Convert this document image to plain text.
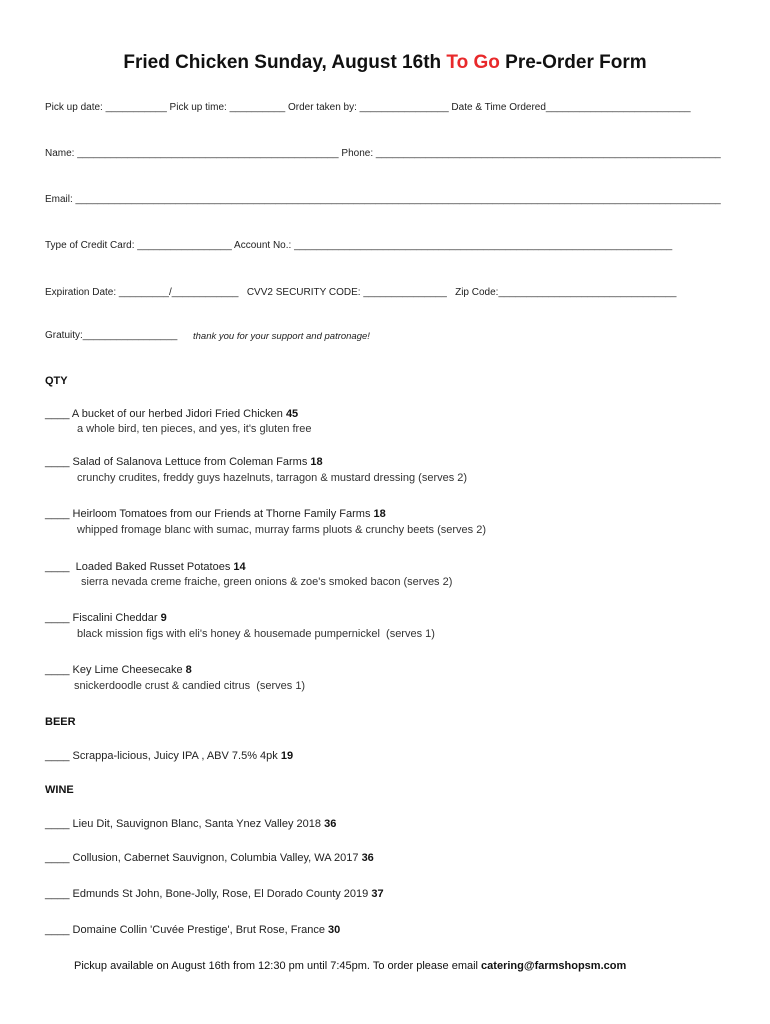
Fried Chicken Sunday, August 16th To Go Pre-Order Form
Pick up date: ___________ Pick up time: __________ Order taken by: ________________ Date & Time Ordered__________________________
Name: _______________________________________________ Phone: ______________________________________________________________
Email: ____________________________________________________________________________________________________________________
Type of Credit Card: _________________ Account No.: ____________________________________________________________________
Expiration Date: _________/____________   CVV2 SECURITY CODE: _______________   Zip Code:________________________________
Gratuity:_________________ thank you for your support and patronage!
QTY
____ A bucket of our herbed Jidori Fried Chicken 45
a whole bird, ten pieces, and yes, it's gluten free
____ Salad of Salanova Lettuce from Coleman Farms 18
crunchy crudites, freddy guys hazelnuts, tarragon & mustard dressing (serves 2)
____ Heirloom Tomatoes from our Friends at Thorne Family Farms 18
whipped fromage blanc with sumac, murray farms pluots & crunchy beets (serves 2)
____  Loaded Baked Russet Potatoes 14
sierra nevada creme fraiche, green onions & zoe's smoked bacon (serves 2)
____ Fiscalini Cheddar 9
black mission figs with eli's honey & housemade pumpernickel  (serves 1)
____ Key Lime Cheesecake 8
snickerdoodle crust & candied citrus  (serves 1)
BEER
____ Scrappa-licious, Juicy IPA , ABV 7.5% 4pk 19
WINE
____ Lieu Dit, Sauvignon Blanc, Santa Ynez Valley 2018 36
____ Collusion, Cabernet Sauvignon, Columbia Valley, WA 2017 36
____ Edmunds St John, Bone-Jolly, Rose, El Dorado County 2019 37
____ Domaine Collin 'Cuvée Prestige', Brut Rose, France 30
Pickup available on August 16th from 12:30 pm until 7:45pm. To order please email catering@farmshopsm.com
